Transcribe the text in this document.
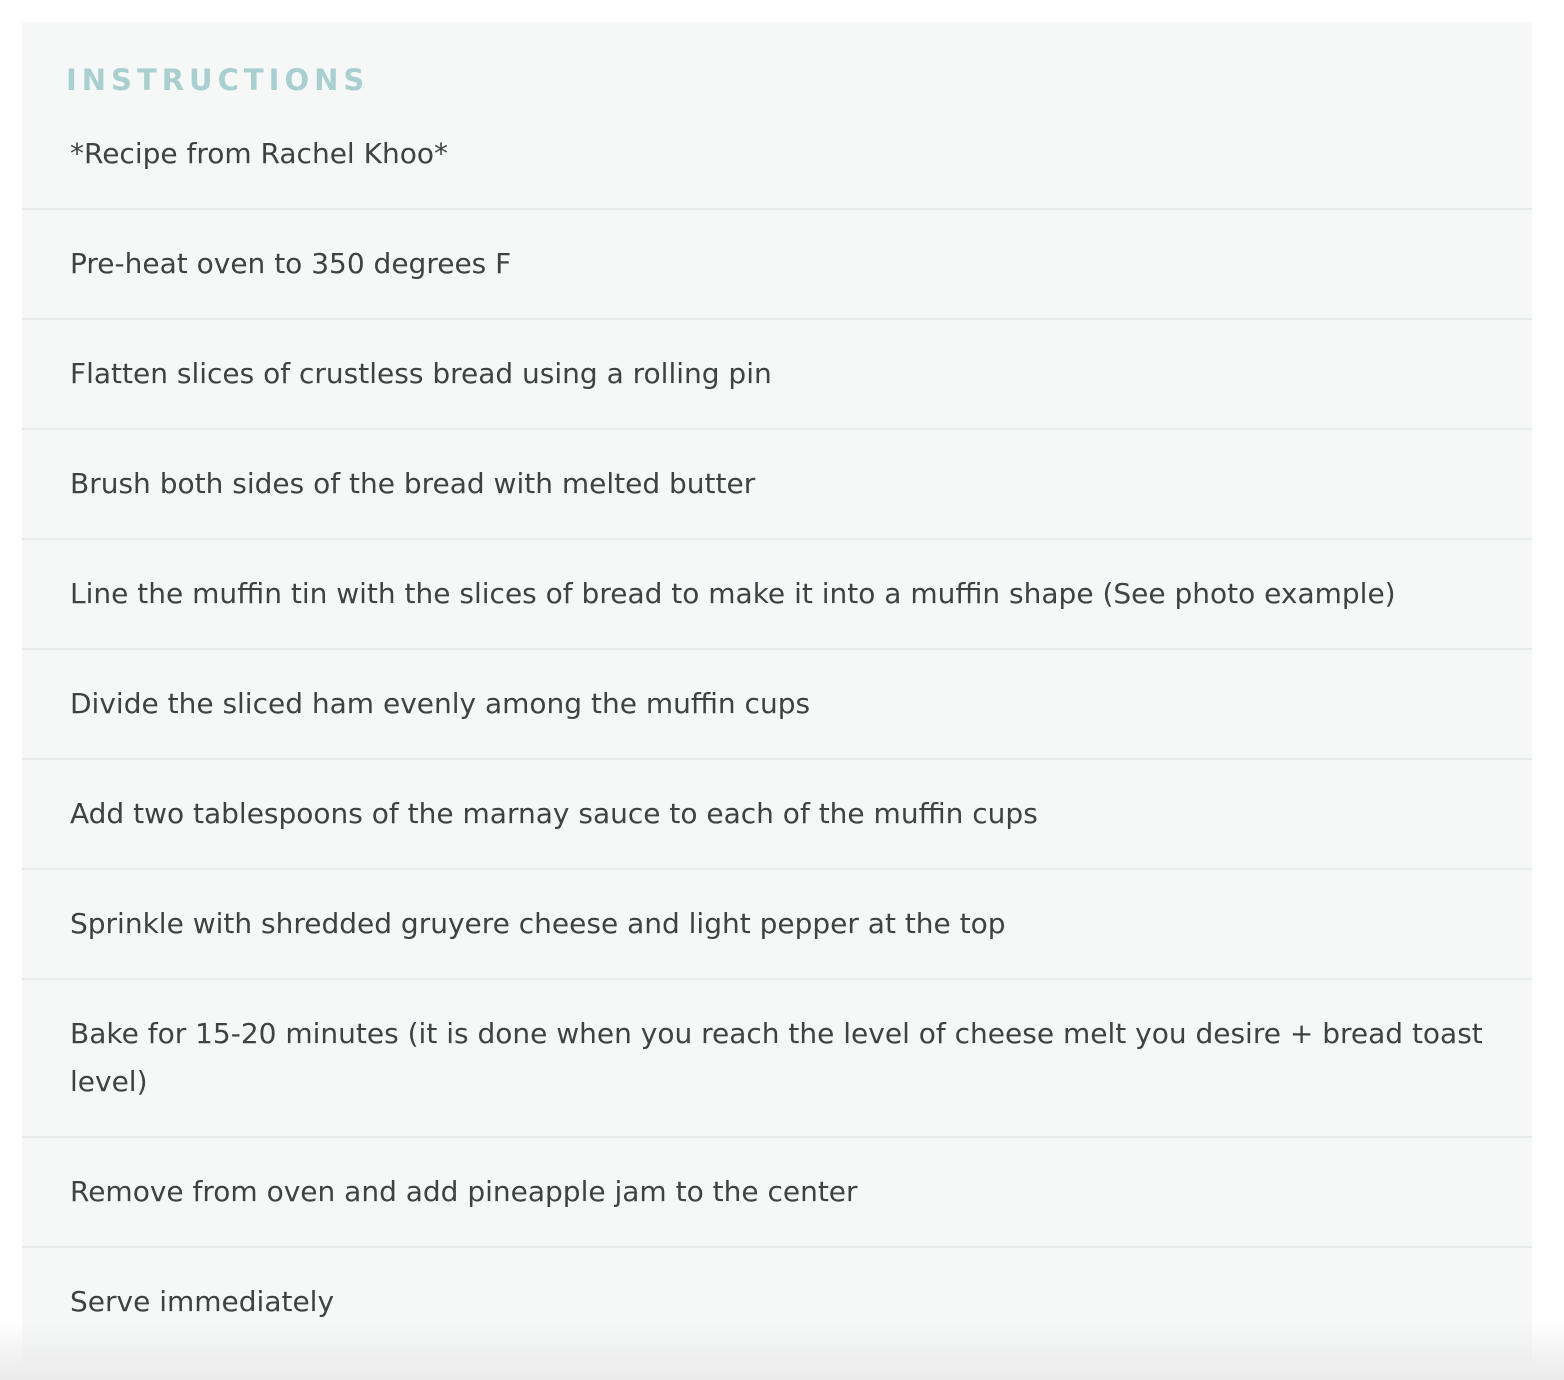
INSTRUCTIONS
*Recipe from Rachel Khoo*
Pre-heat oven to 350 degrees F
Flatten slices of crustless bread using a rolling pin
Brush both sides of the bread with melted butter
Line the muffin tin with the slices of bread to make it into a muffin shape (See photo example)
Divide the sliced ham evenly among the muffin cups
Add two tablespoons of the marnay sauce to each of the muffin cups
Sprinkle with shredded gruyere cheese and light pepper at the top
Bake for 15-20 minutes (it is done when you reach the level of cheese melt you desire + bread toast level)
Remove from oven and add pineapple jam to the center
Serve immediately
